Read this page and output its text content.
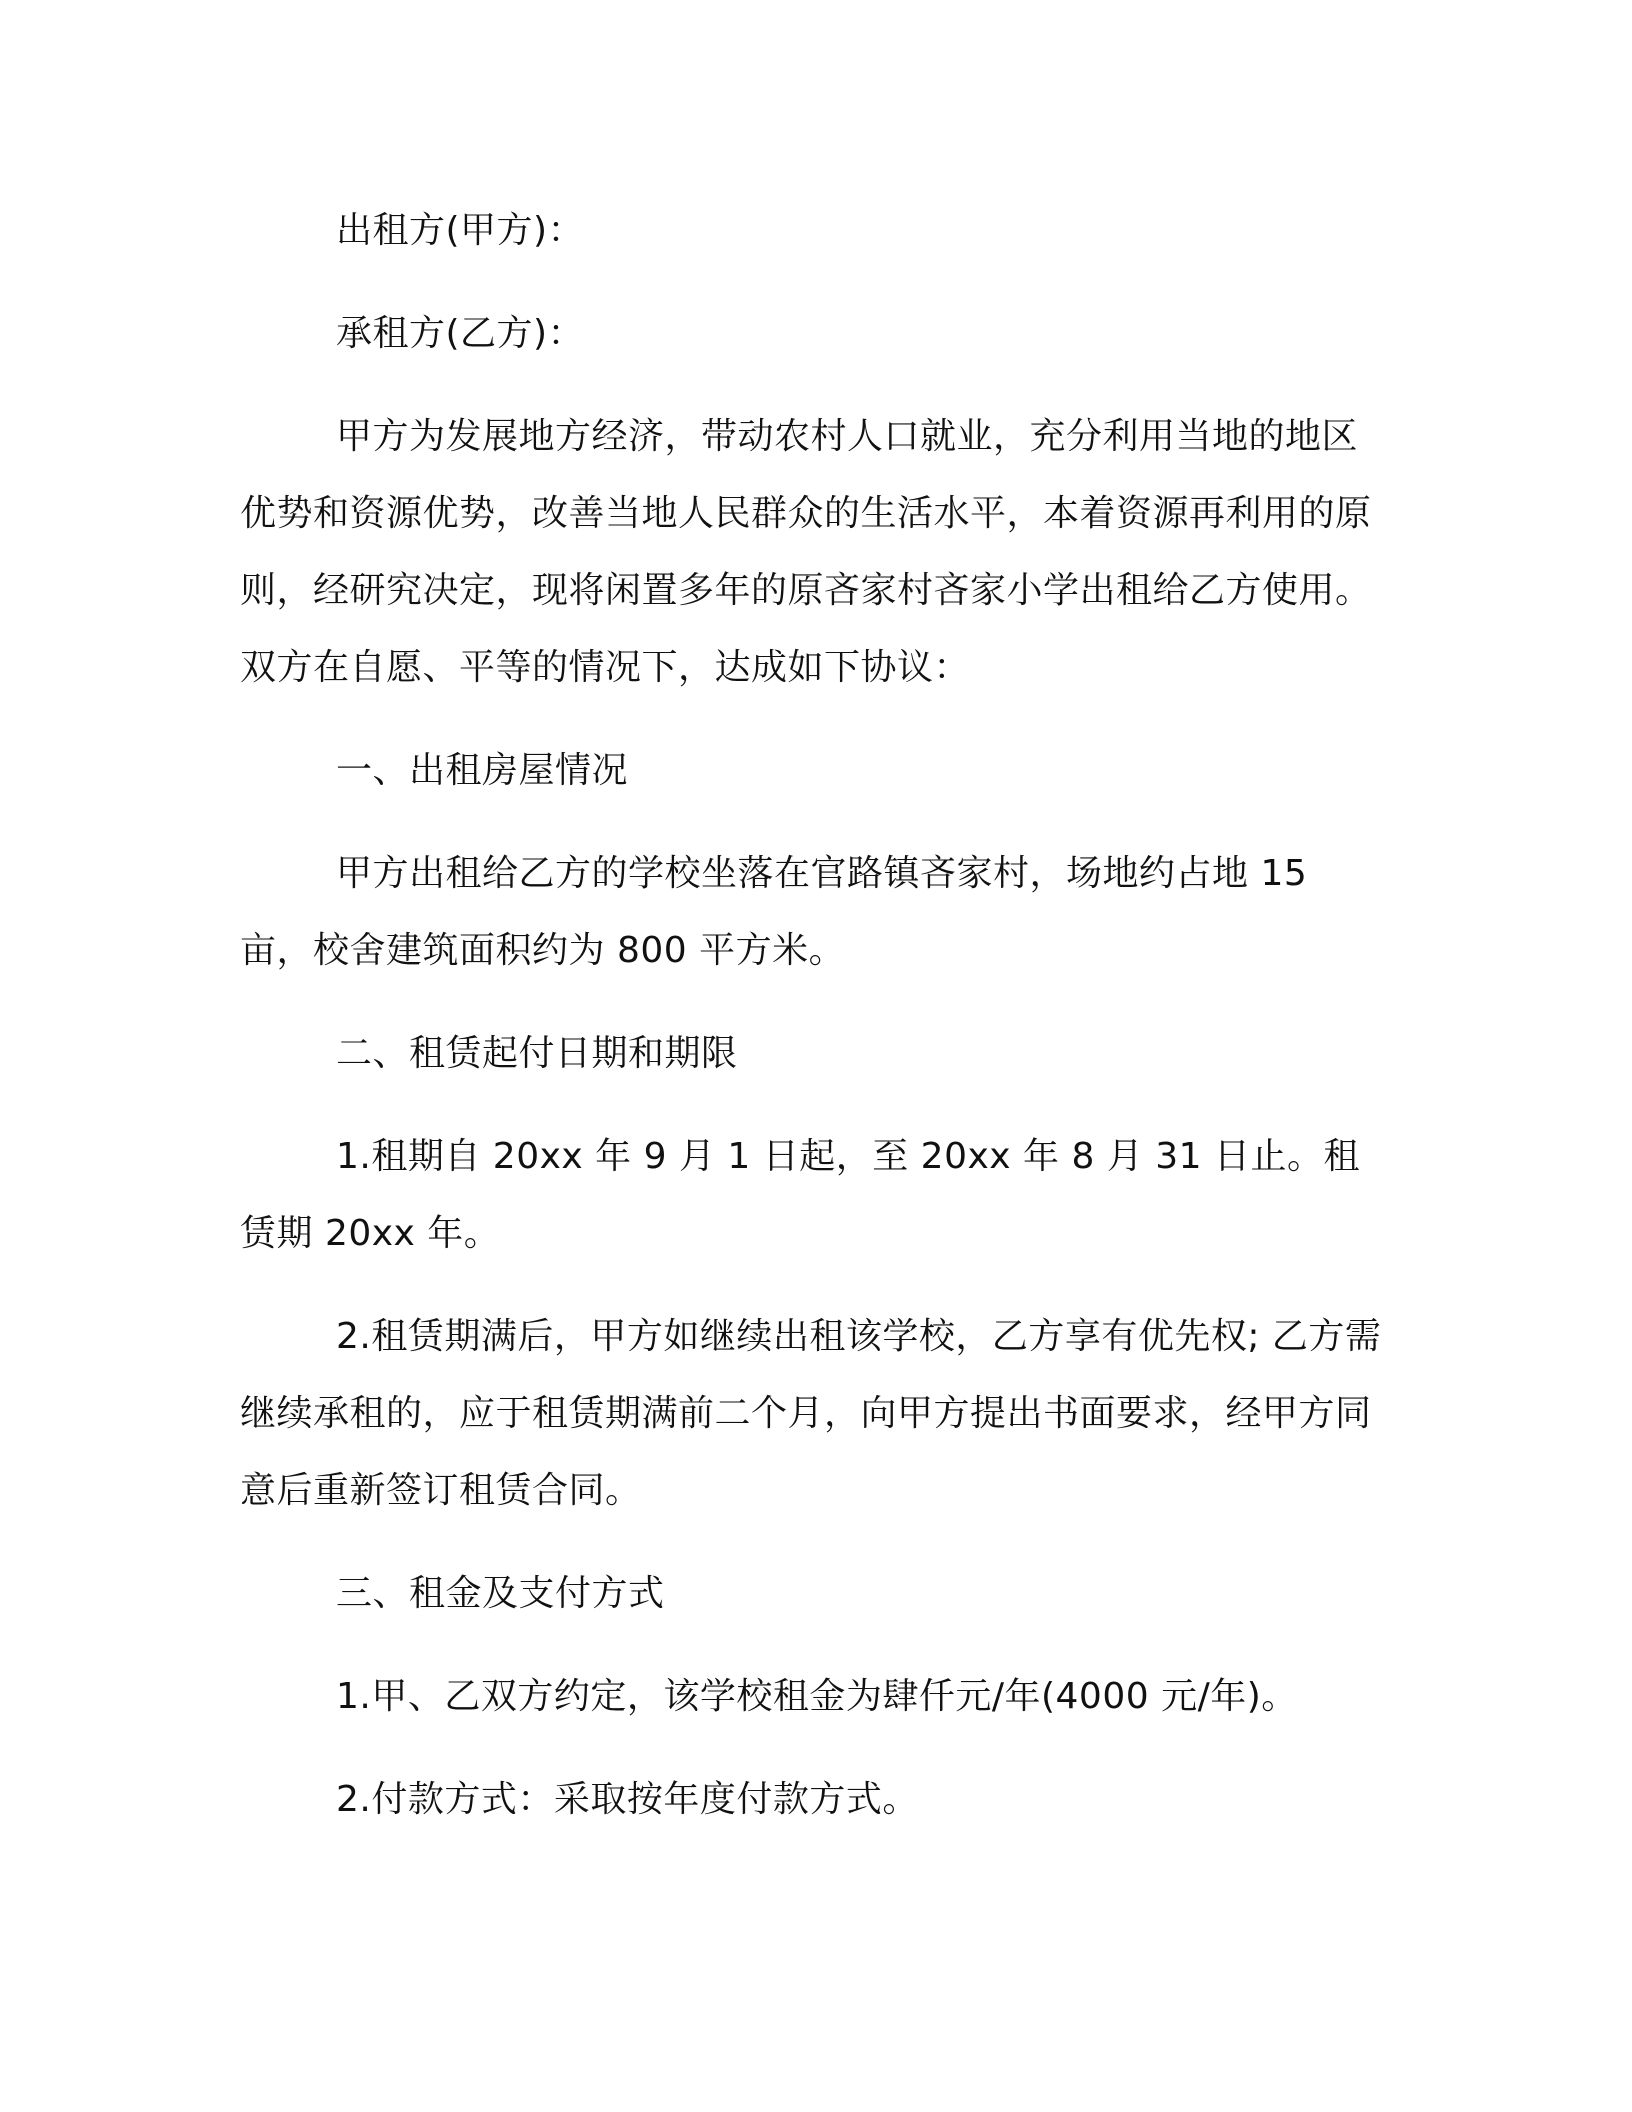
出租方(甲方)：

承租方(乙方)：

甲方为发展地方经济，带动农村人口就业，充分利用当地的地区优势和资源优势，改善当地人民群众的生活水平，本着资源再利用的原则，经研究决定，现将闲置多年的原吝家村吝家小学出租给乙方使用。双方在自愿、平等的情况下，达成如下协议：

一、出租房屋情况

甲方出租给乙方的学校坐落在官路镇吝家村，场地约占地 15 亩，校舍建筑面积约为 800 平方米。

二、租赁起付日期和期限

1.租期自 20xx 年 9 月 1 日起，至 20xx 年 8 月 31 日止。租赁期 20xx 年。

2.租赁期满后，甲方如继续出租该学校，乙方享有优先权; 乙方需继续承租的，应于租赁期满前二个月，向甲方提出书面要求，经甲方同意后重新签订租赁合同。

三、租金及支付方式

1.甲、乙双方约定，该学校租金为肆仟元/年(4000 元/年)。

2.付款方式：采取按年度付款方式。
